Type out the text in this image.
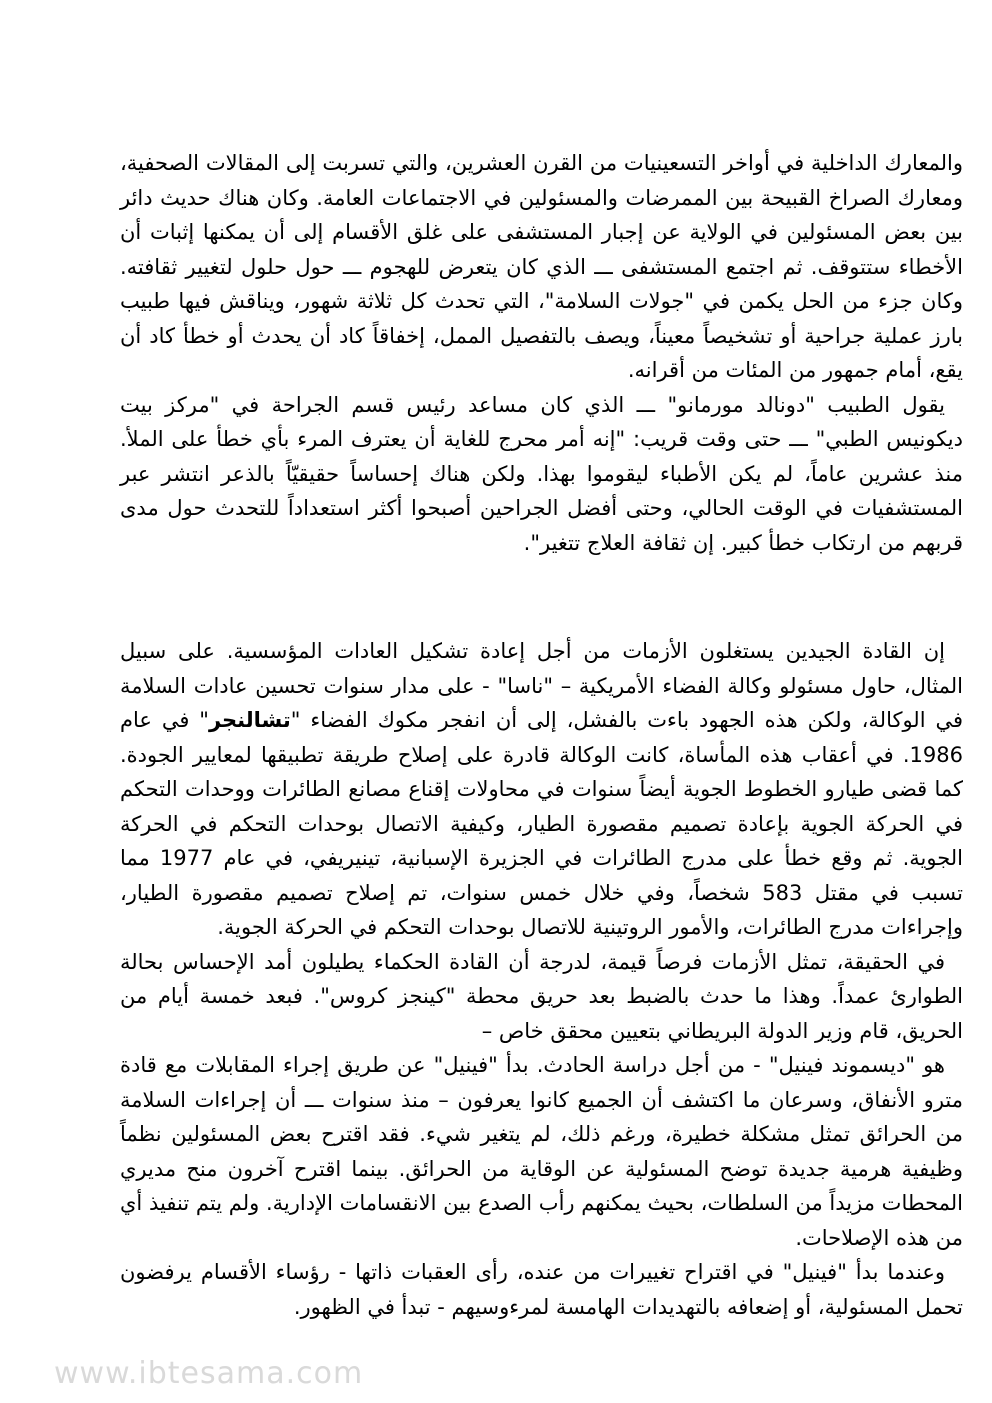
والمعارك الداخلية في أواخر التسعينيات من القرن العشرين، والتي تسربت إلى المقالات الصحفية، ومعارك الصراخ القبيحة بين الممرضات والمسئولين في الاجتماعات العامة. وكان هناك حديث دائر بين بعض المسئولين في الولاية عن إجبار المستشفى على غلق الأقسام إلى أن يمكنها إثبات أن الأخطاء ستتوقف. ثم اجتمع المستشفى ـــ الذي كان يتعرض للهجوم ـــ حول حلول لتغيير ثقافته. وكان جزء من الحل يكمن في "جولات السلامة"، التي تحدث كل ثلاثة شهور، ويناقش فيها طبيب بارز عملية جراحية أو تشخيصاً معيناً، ويصف بالتفصيل الممل، إخفاقاً كاد أن يحدث أو خطأ كاد أن يقع، أمام جمهور من المئات من أقرانه.

يقول الطبيب "دونالد مورمانو" ـــ الذي كان مساعد رئيس قسم الجراحة في "مركز بيت ديكونيس الطبي" ـــ حتى وقت قريب: "إنه أمر محرج للغاية أن يعترف المرء بأي خطأ على الملأ. منذ عشرين عاماً، لم يكن الأطباء ليقوموا بهذا. ولكن هناك إحساساً حقيقيّاً بالذعر انتشر عبر المستشفيات في الوقت الحالي، وحتى أفضل الجراحين أصبحوا أكثر استعداداً للتحدث حول مدى قربهم من ارتكاب خطأ كبير. إن ثقافة العلاج تتغير".

إن القادة الجيدين يستغلون الأزمات من أجل إعادة تشكيل العادات المؤسسية. على سبيل المثال، حاول مسئولو وكالة الفضاء الأمريكية – "ناسا" - على مدار سنوات تحسين عادات السلامة في الوكالة، ولكن هذه الجهود باءت بالفشل، إلى أن انفجر مكوك الفضاء "تشالنجر" في عام 1986. في أعقاب هذه المأساة، كانت الوكالة قادرة على إصلاح طريقة تطبيقها لمعايير الجودة. كما قضى طيارو الخطوط الجوية أيضاً سنوات في محاولات إقناع مصانع الطائرات ووحدات التحكم في الحركة الجوية بإعادة تصميم مقصورة الطيار، وكيفية الاتصال بوحدات التحكم في الحركة الجوية. ثم وقع خطأ على مدرج الطائرات في الجزيرة الإسبانية، تينيريفي، في عام 1977 مما تسبب في مقتل 583 شخصاً، وفي خلال خمس سنوات، تم إصلاح تصميم مقصورة الطيار، وإجراءات مدرج الطائرات، والأمور الروتينية للاتصال بوحدات التحكم في الحركة الجوية.

في الحقيقة، تمثل الأزمات فرصاً قيمة، لدرجة أن القادة الحكماء يطيلون أمد الإحساس بحالة الطوارئ عمداً. وهذا ما حدث بالضبط بعد حريق محطة "كينجز كروس". فبعد خمسة أيام من الحريق، قام وزير الدولة البريطاني بتعيين محقق خاص –

هو "ديسموند فينيل" - من أجل دراسة الحادث. بدأ "فينيل" عن طريق إجراء المقابلات مع قادة مترو الأنفاق، وسرعان ما اكتشف أن الجميع كانوا يعرفون – منذ سنوات ـــ أن إجراءات السلامة من الحرائق تمثل مشكلة خطيرة، ورغم ذلك، لم يتغير شيء. فقد اقترح بعض المسئولين نظماً وظيفية هرمية جديدة توضح المسئولية عن الوقاية من الحرائق. بينما اقترح آخرون منح مديري المحطات مزيداً من السلطات، بحيث يمكنهم رأب الصدع بين الانقسامات الإدارية. ولم يتم تنفيذ أي من هذه الإصلاحات.

وعندما بدأ "فينيل" في اقتراح تغييرات من عنده، رأى العقبات ذاتها - رؤساء الأقسام يرفضون تحمل المسئولية، أو إضعافه بالتهديدات الهامسة لمرءوسيهم - تبدأ في الظهور.

www.ibtesama.com
